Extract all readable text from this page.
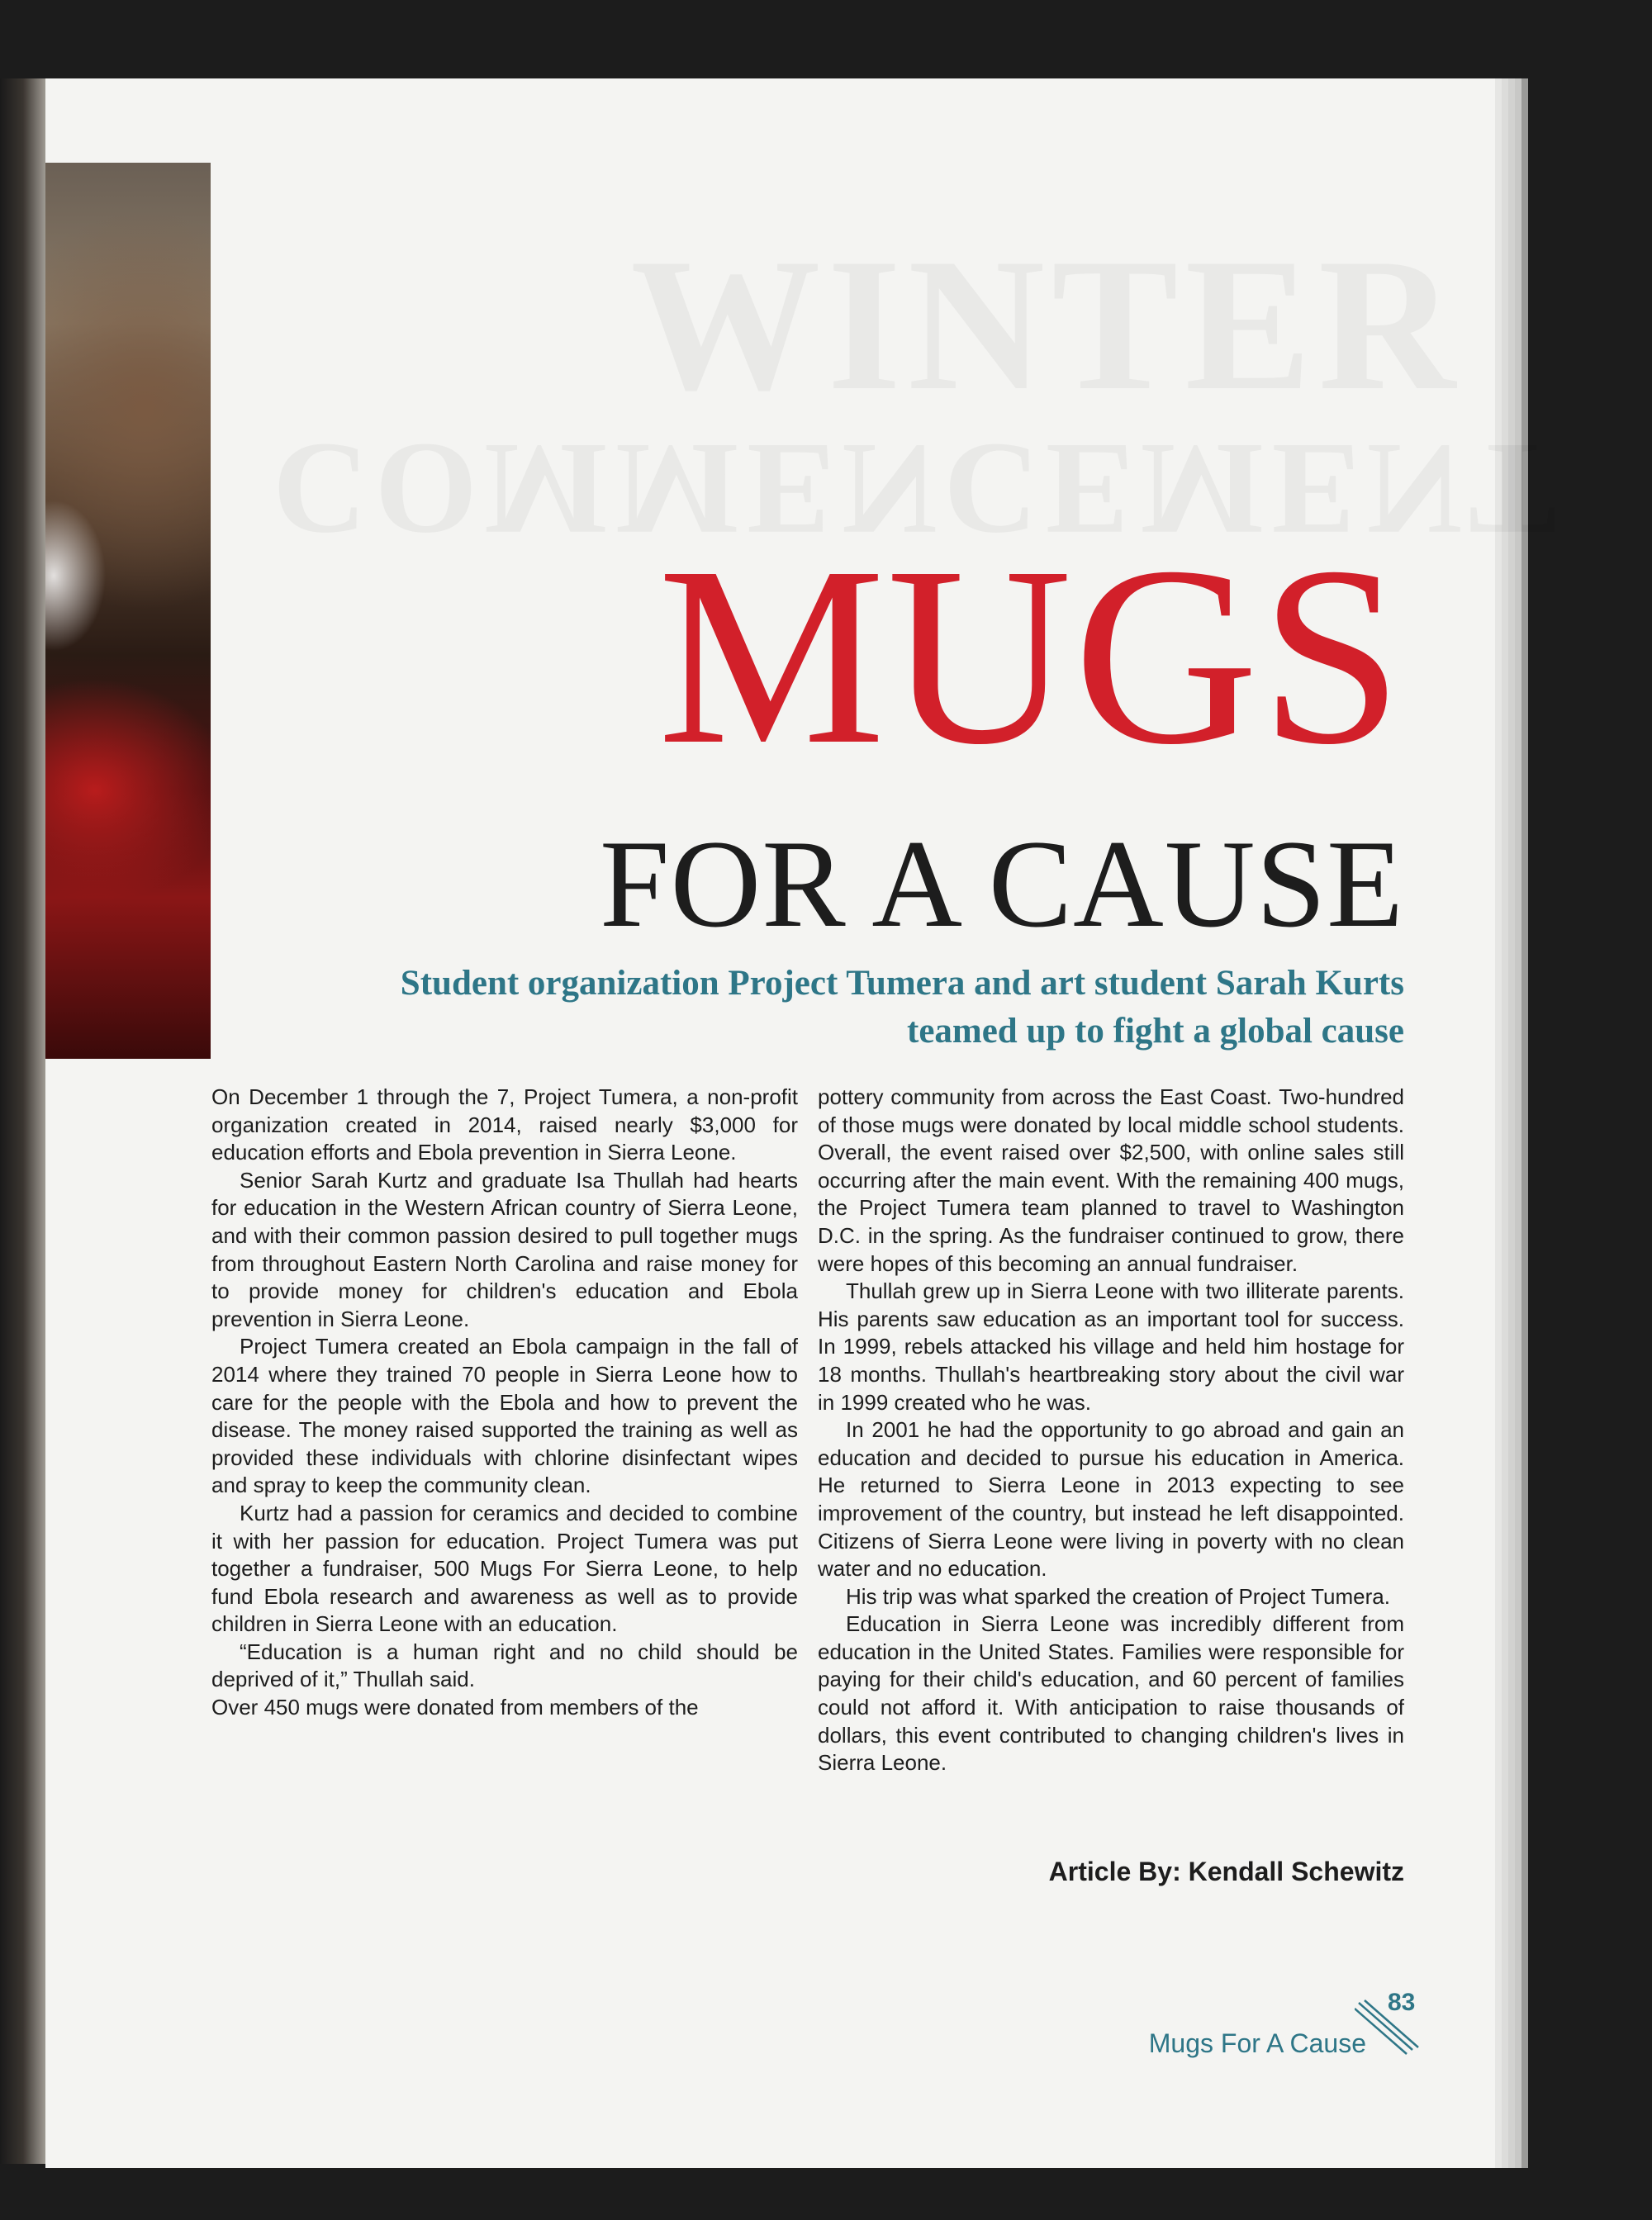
MUGS
FOR A CAUSE
Student organization Project Tumera and art student Sarah Kurts
teamed up to fight a global cause

On December 1 through the 7, Project Tumera, a non-profit organization created in 2014, raised nearly $3,000 for education efforts and Ebola prevention in Sierra Leone.

Senior Sarah Kurtz and graduate Isa Thullah had hearts for education in the Western African country of Sierra Leone, and with their common passion desired to pull together mugs from throughout Eastern North Carolina and raise money for to provide money for children's education and Ebola prevention in Sierra Leone.

Project Tumera created an Ebola campaign in the fall of 2014 where they trained 70 people in Sierra Leone how to care for the people with the Ebola and how to prevent the disease. The money raised supported the training as well as provided these individuals with chlorine disinfectant wipes and spray to keep the community clean.

Kurtz had a passion for ceramics and decided to combine it with her passion for education. Project Tumera was put together a fundraiser, 500 Mugs For Sierra Leone, to help fund Ebola research and awareness as well as to provide children in Sierra Leone with an education.

“Education is a human right and no child should be deprived of it,” Thullah said.

Over 450 mugs were donated from members of the

pottery community from across the East Coast. Two-hundred of those mugs were donated by local middle school students. Overall, the event raised over $2,500, with online sales still occurring after the main event. With the remaining 400 mugs, the Project Tumera team planned to travel to Washington D.C. in the spring. As the fundraiser continued to grow, there were hopes of this becoming an annual fundraiser.

Thullah grew up in Sierra Leone with two illiterate parents. His parents saw education as an important tool for success. In 1999, rebels attacked his village and held him hostage for 18 months. Thullah's heartbreaking story about the civil war in 1999 created who he was.

In 2001 he had the opportunity to go abroad and gain an education and decided to pursue his education in America. He returned to Sierra Leone in 2013 expecting to see improvement of the country, but instead he left disappointed. Citizens of Sierra Leone were living in poverty with no clean water and no education.

His trip was what sparked the creation of Project Tumera.

Education in Sierra Leone was incredibly different from education in the United States. Families were responsible for paying for their child's education, and 60 percent of families could not afford it. With anticipation to raise thousands of dollars, this event contributed to changing children's lives in Sierra Leone.

Article By: Kendall Schewitz
Mugs For A Cause
83
